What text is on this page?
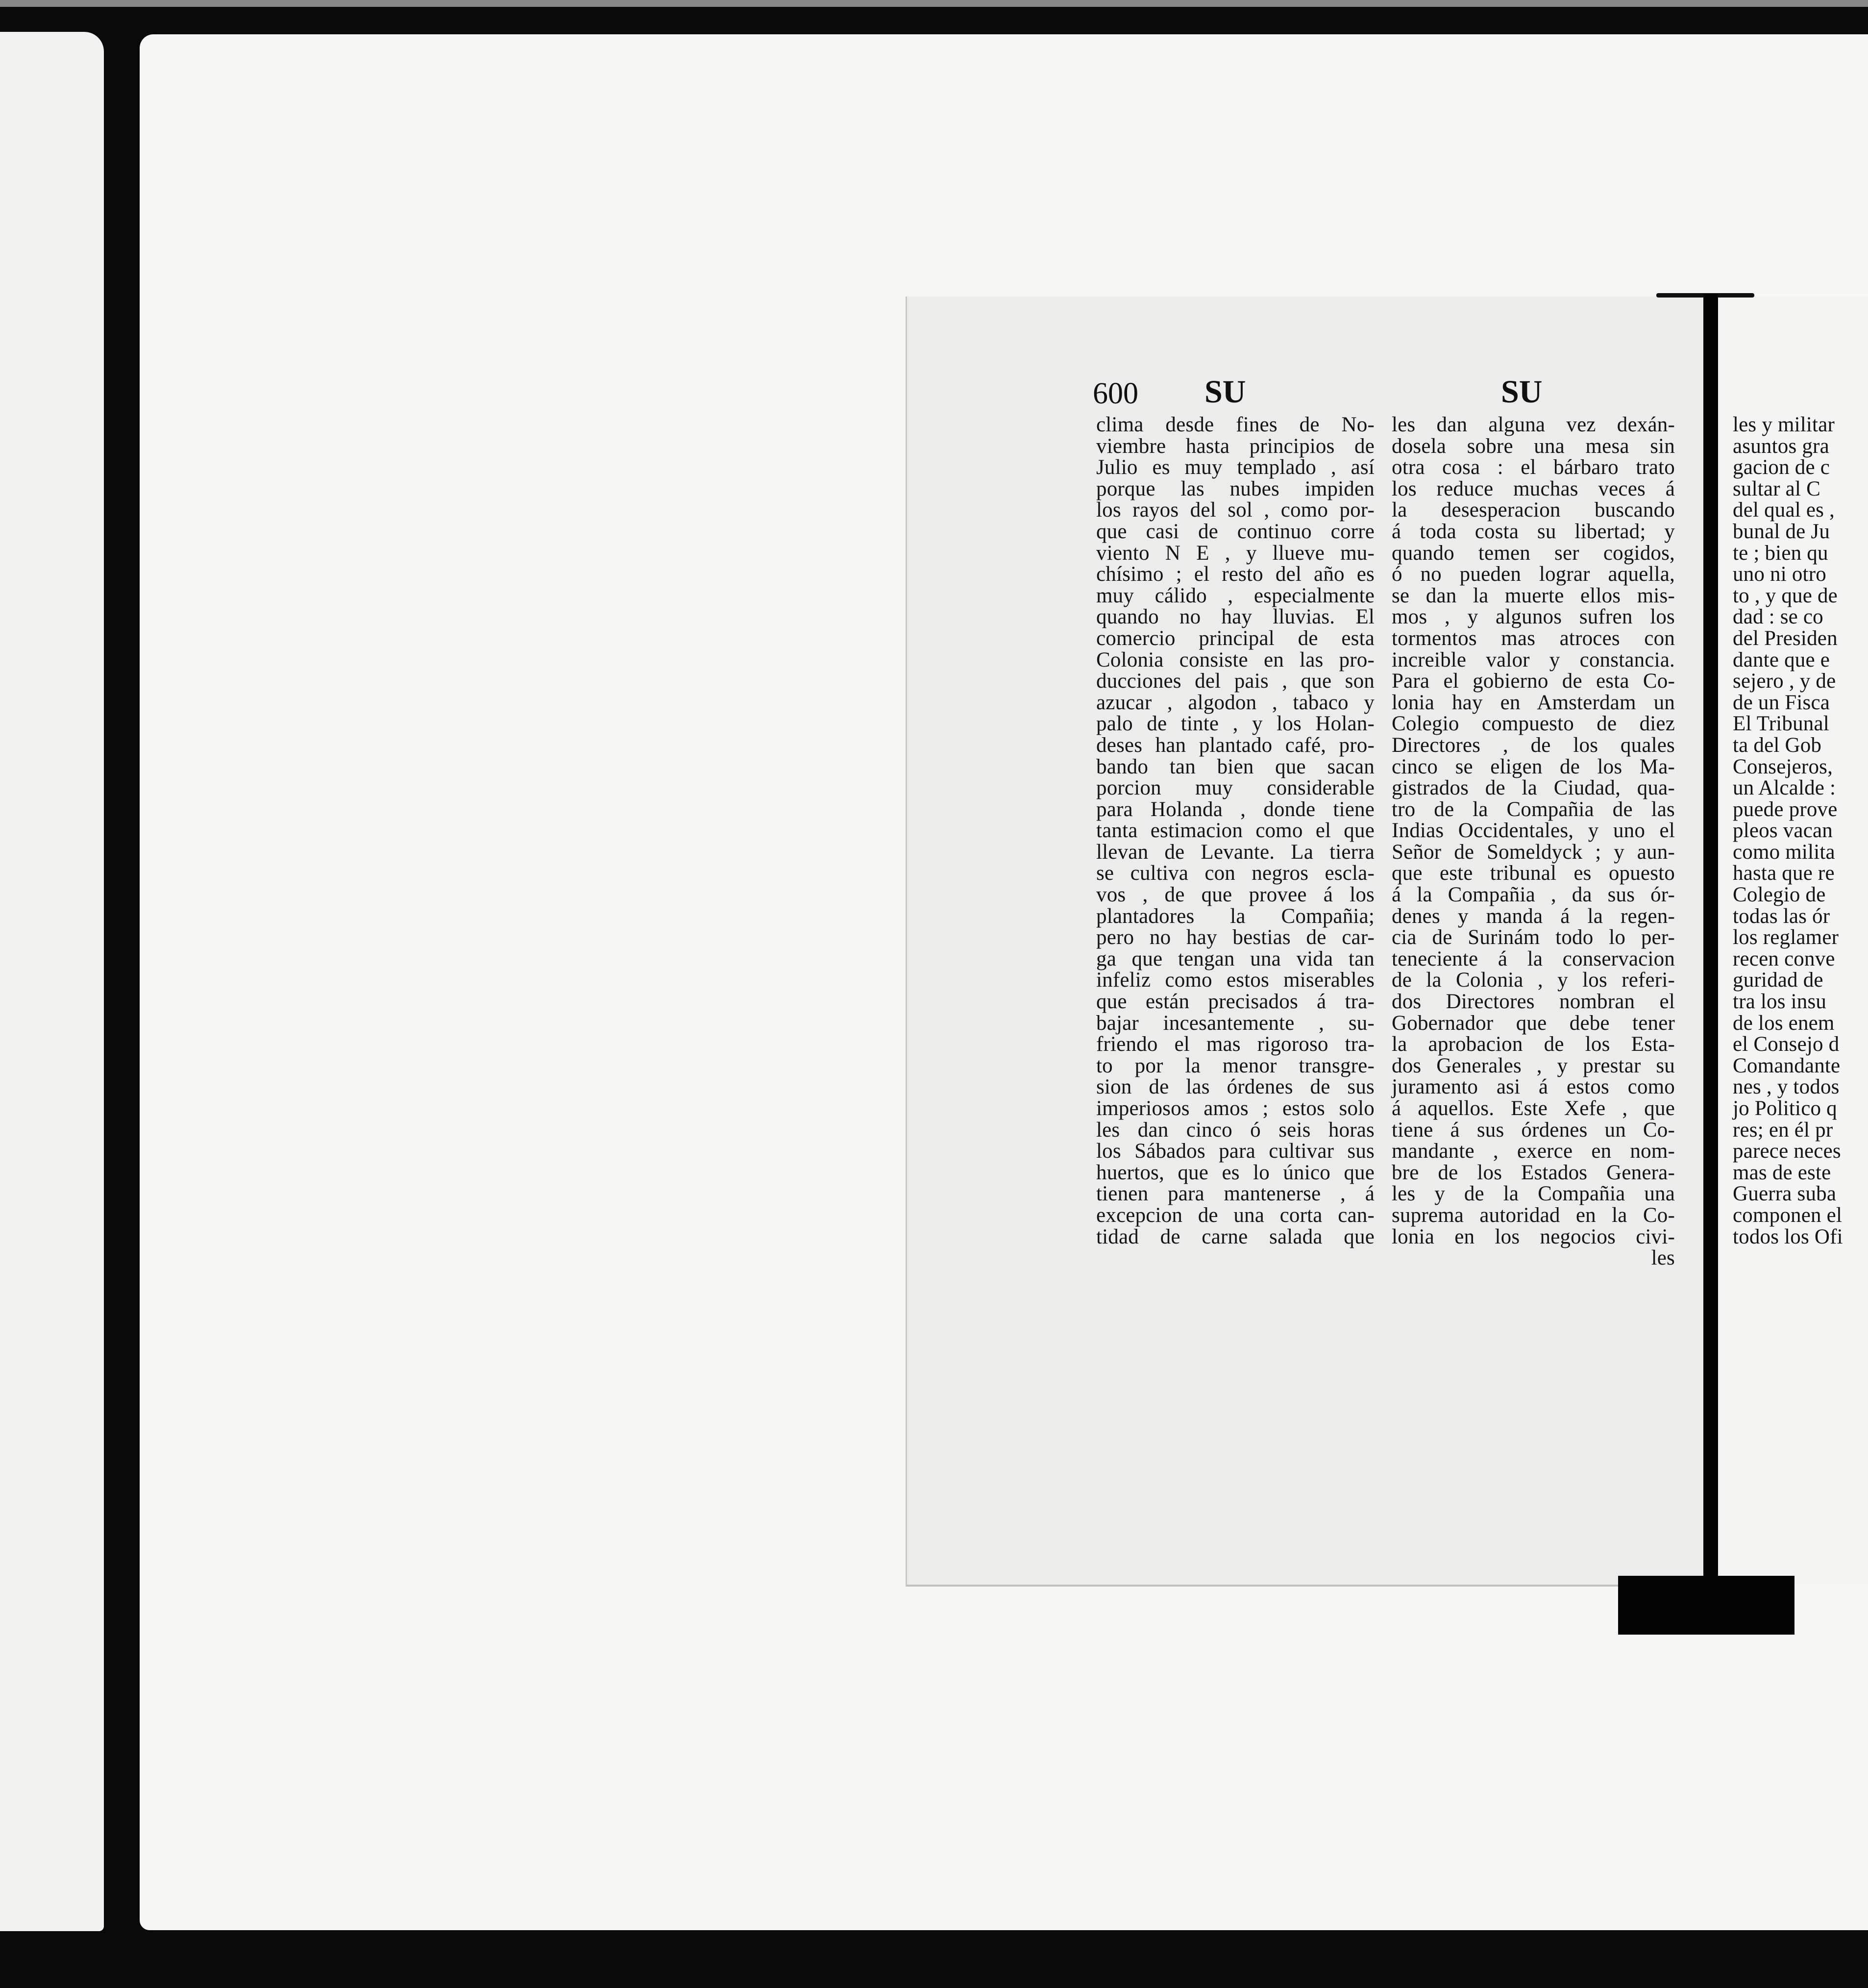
600 SU	SU
clima desde fines de No-
viembre hasta principios de
Julio es muy templado , así
porque las nubes impiden
los rayos del sol , como por-
que casi de continuo corre
viento N E , y llueve mu-
chísimo ; el resto del año es
muy cálido , especialmente
quando no hay lluvias. El
comercio principal de esta
Colonia consiste en las pro-
ducciones del pais , que son
azucar , algodon , tabaco y
palo de tinte , y los Holan-
deses han plantado café, pro-
bando tan bien que sacan
porcion muy considerable
para Holanda , donde tiene
tanta estimacion como el que
llevan de Levante. La tierra
se cultiva con negros escla-
vos , de que provee á los
plantadores la Compañia;
pero no hay bestias de car-
ga que tengan una vida tan
infeliz como estos miserables
que están precisados á tra-
bajar incesantemente , su-
friendo el mas rigoroso tra-
to por la menor transgre-
sion de las órdenes de sus
imperiosos amos ; estos solo
les dan cinco ó seis horas
los Sábados para cultivar sus
huertos, que es lo único que
tienen para mantenerse , á
excepcion de una corta can-
tidad de carne salada que
les dan alguna vez dexán-
dosela sobre una mesa sin
otra cosa : el bárbaro trato
los reduce muchas veces á
la desesperacion buscando
á toda costa su libertad; y
quando temen ser cogidos,
ó no pueden lograr aquella,
se dan la muerte ellos mis-
mos , y algunos sufren los
tormentos mas atroces con
increible valor y constancia.
Para el gobierno de esta Co-
lonia hay en Amsterdam un
Colegio compuesto de diez
Directores , de los quales
cinco se eligen de los Ma-
gistrados de la Ciudad, qua-
tro de la Compañia de las
Indias Occidentales, y uno el
Señor de Someldyck ; y aun-
que este tribunal es opuesto
á la Compañia , da sus ór-
denes y manda á la regen-
cia de Surinám todo lo per-
teneciente á la conservacion
de la Colonia , y los referi-
dos Directores nombran el
Gobernador que debe tener
la aprobacion de los Esta-
dos Generales , y prestar su
juramento asi á estos como
á aquellos. Este Xefe , que
tiene á sus órdenes un Co-
mandante , exerce en nom-
bre de los Estados Genera-
les y de la Compañia una
suprema autoridad en la Co-
lonia en los negocios civi-
les
les y militar
asuntos gra
gacion de c
sultar al C
del qual es ,
bunal de Ju
te ; bien qu
uno ni otro
to , y que de
dad : se co
del Presiden
dante que e
sejero , y de
de un Fisca
El Tribunal
ta del Gob
Consejeros,
un Alcalde :
puede prove
pleos vacan
como milita
hasta que re
Colegio de
todas las ór
los reglamer
recen conve
guridad de
tra los insu
de los enem
el Consejo d
Comandante
nes , y todos
jo Politico q
res; en él pr
parece neces
mas de este
Guerra suba
componen el
todos los Ofi
